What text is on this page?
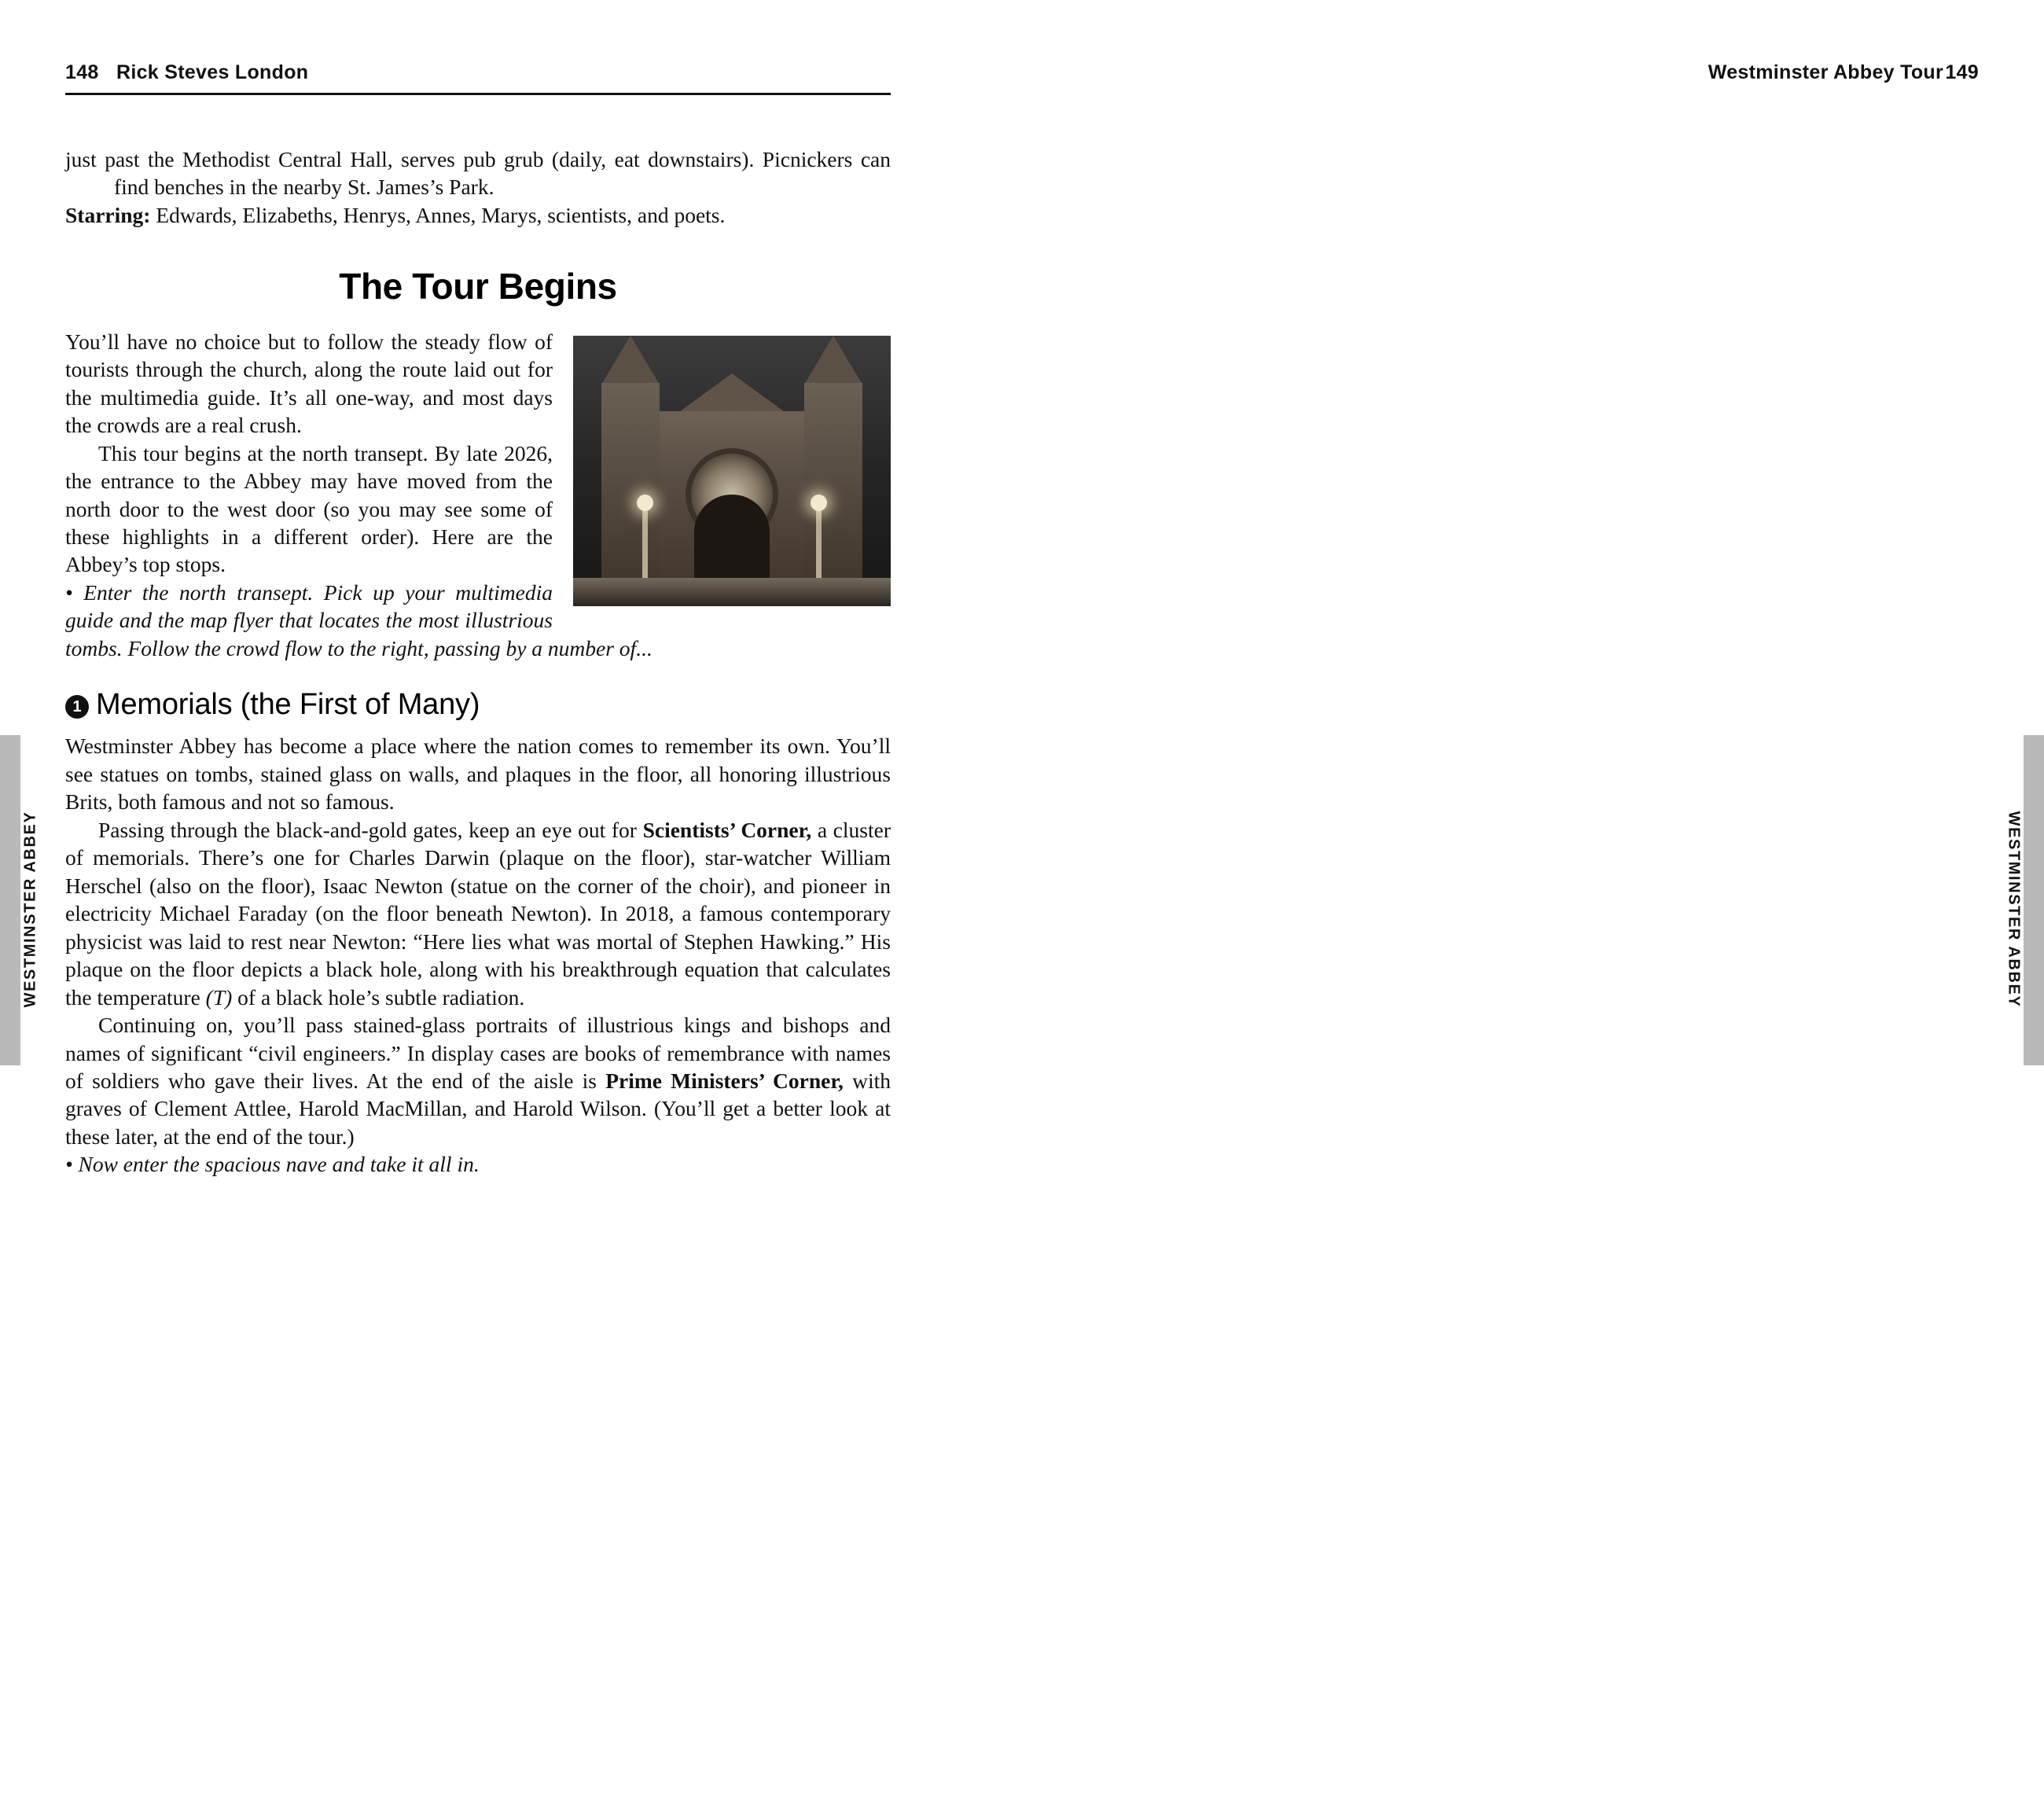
WESTMINSTER ABBEY
148 Rick Steves London

just past the Methodist Central Hall, serves pub grub (daily, eat downstairs). Picnickers can find benches in the nearby St. James’s Park.

Starring: Edwards, Elizabeths, Henrys, Annes, Marys, scientists, and poets.

The Tour Begins

You’ll have no choice but to follow the steady flow of tourists through the church, along the route laid out for the multimedia guide. It’s all one-way, and most days the crowds are a real crush.

This tour begins at the north transept. By late 2026, the entrance to the Abbey may have moved from the north door to the west door (so you may see some of these highlights in a different order). Here are the Abbey’s top stops.

• Enter the north transept. Pick up your multimedia guide and the map flyer that locates the most illustrious tombs. Follow the crowd flow to the right, passing by a number of...

1 Memorials (the First of Many)

Westminster Abbey has become a place where the nation comes to remember its own. You’ll see statues on tombs, stained glass on walls, and plaques in the floor, all honoring illustrious Brits, both famous and not so famous.

Passing through the black-and-gold gates, keep an eye out for Scientists’ Corner, a cluster of memorials. There’s one for Charles Darwin (plaque on the floor), star-watcher William Herschel (also on the floor), Isaac Newton (statue on the corner of the choir), and pioneer in electricity Michael Faraday (on the floor beneath Newton). In 2018, a famous contemporary physicist was laid to rest near Newton: “Here lies what was mortal of Stephen Hawking.” His plaque on the floor depicts a black hole, along with his breakthrough equation that calculates the temperature (T) of a black hole’s subtle radiation.

Continuing on, you’ll pass stained-glass portraits of illustrious kings and bishops and names of significant “civil engineers.” In display cases are books of remembrance with names of soldiers who gave their lives. At the end of the aisle is Prime Ministers’ Corner, with graves of Clement Attlee, Harold MacMillan, and Harold Wilson. (You’ll get a better look at these later, at the end of the tour.)

• Now enter the spacious nave and take it all in.

WESTMINSTER ABBEY
Westminster Abbey Tour 149
